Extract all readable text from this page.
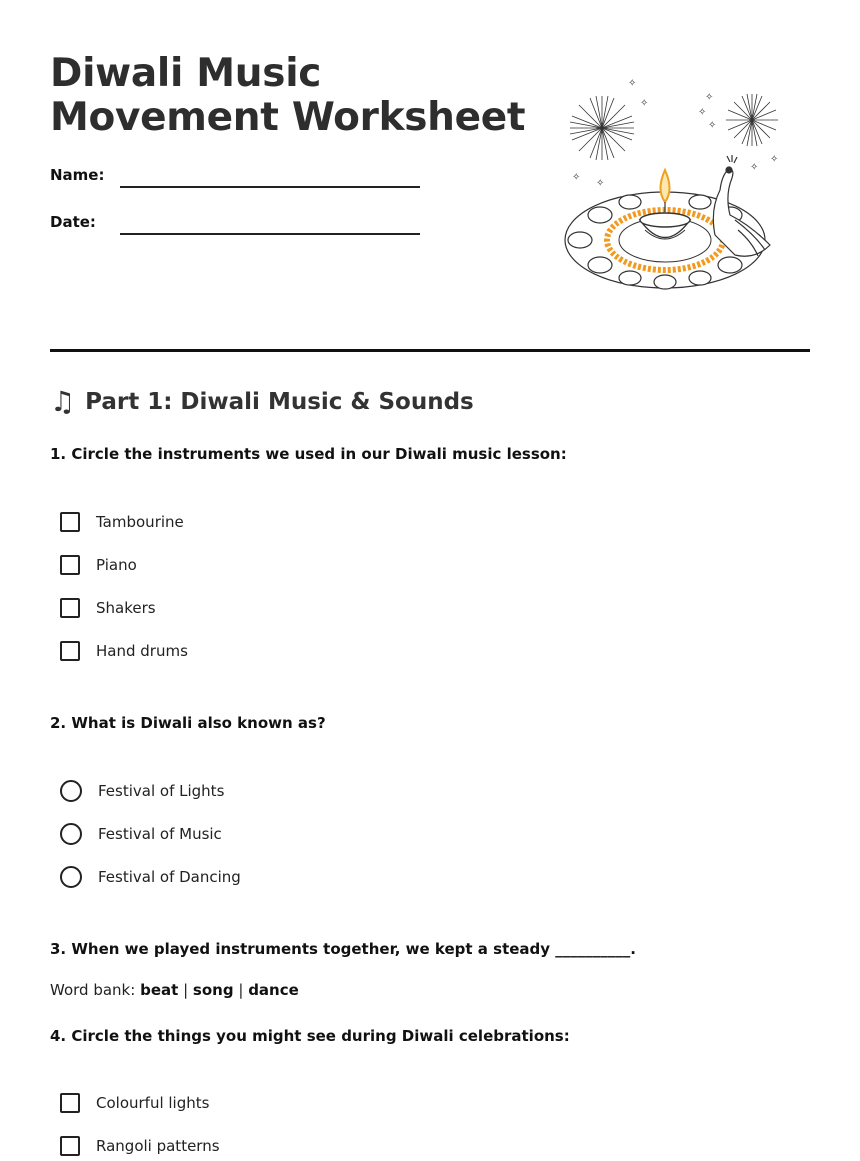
Diwali Music Movement Worksheet
Name:
Date:
✧
✧
✧
✧
✧
✧
✧
✧
✧
♫ Part 1: Diwali Music & Sounds

1. Circle the instruments we used in our Diwali music lesson:

Tambourine
Piano
Shakers
Hand drums

2. What is Diwali also known as?

Festival of Lights
Festival of Music
Festival of Dancing

3. When we played instruments together, we kept a steady __________.

Word bank: beat | song | dance

4. Circle the things you might see during Diwali celebrations:

Colourful lights
Rangoli patterns
